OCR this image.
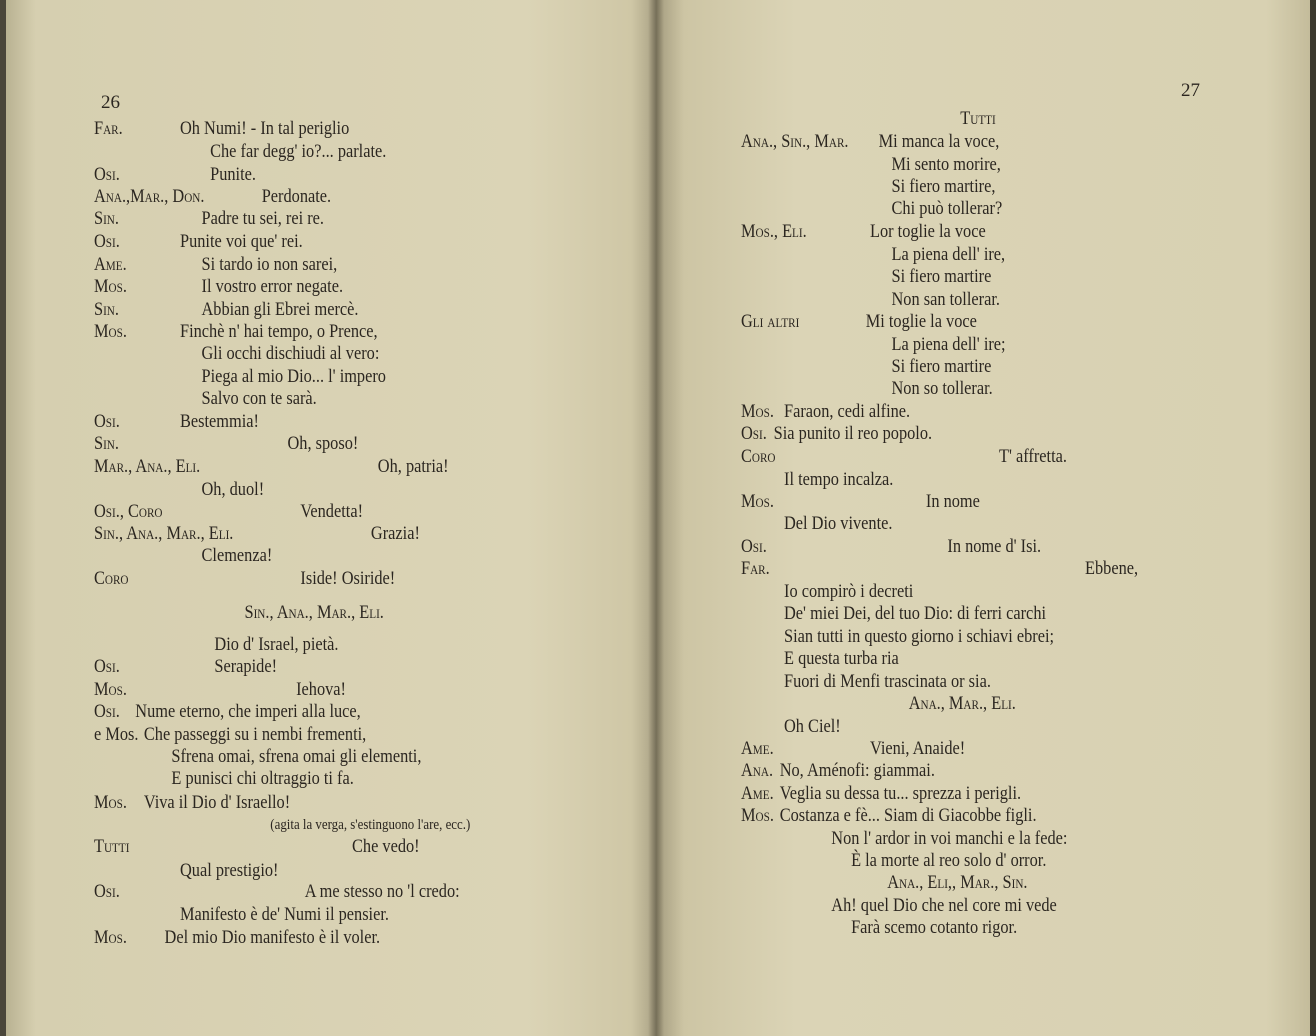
26
Far.	Oh Numi! - In tal periglio
Che far degg' io?... parlate.
Osi.	Punite.
Ana.,Mar., Don.	Perdonate.
Sin.	Padre tu sei, rei re.
Osi.	Punite voi que' rei.
Ame.	Si tardo io non sarei,
Mos.	Il vostro error negate.
Sin.	Abbian gli Ebrei mercè.
Mos.	Finchè n' hai tempo, o Prence,
Gli occhi dischiudi al vero:
Piega al mio Dio... l' impero
Salvo con te sarà.
Osi.	Bestemmia!
Sin.	Oh, sposo!
Mar., Ana., Eli.	Oh, patria!
Oh, duol!
Osi., Coro	Vendetta!
Sin., Ana., Mar., Eli.	Grazia!
Clemenza!
Coro	Iside! Osiride!
Sin., Ana., Mar., Eli.
Dio d' Israel, pietà.
Osi.	Serapide!
Mos.	Iehova!
Osi. Nume eterno, che imperi alla luce,
e Mos. Che passeggi su i nembi frementi,
Sfrena omai, sfrena omai gli elementi,
E punisci chi oltraggio ti fa.
Mos. Viva il Dio d' Israello!
(agita la verga, s'estinguono l'are, ecc.)
Tutti	Che vedo!
Qual prestigio!
Osi.	A me stesso no 'l credo:
Manifesto è de' Numi il pensier.
Mos. Del mio Dio manifesto è il voler.
27
Tutti
Ana., Sin., Mar. Mi manca la voce,
Mi sento morire,
Si fiero martire,
Chi può tollerar?
Mos., Eli.	Lor toglie la voce
La piena dell' ire,
Si fiero martire
Non san tollerar.
Gli altri	Mi toglie la voce
La piena dell' ire;
Si fiero martire
Non so tollerar.
Mos. Faraon, cedi alfine.
Osi. Sia punito il reo popolo.
Coro	T' affretta.
Il tempo incalza.
Mos.	In nome
Del Dio vivente.
Osi.	In nome d' Isi.
Far.	Ebbene,
Io compirò i decreti
De' miei Dei, del tuo Dio: di ferri carchi
Sian tutti in questo giorno i schiavi ebrei;
E questa turba ria
Fuori di Menfi trascinata or sia.
Ana., Mar., Eli.
Oh Ciel!
Ame.	Vieni, Anaide!
Ana. No, Aménofi: giammai.
Ame. Veglia su dessa tu... sprezza i perigli.
Mos. Costanza e fè... Siam di Giacobbe figli.
Non l' ardor in voi manchi e la fede:
È la morte al reo solo d' orror.
Ana., Eli,, Mar., Sin.
Ah! quel Dio che nel core mi vede
Farà scemo cotanto rigor.
